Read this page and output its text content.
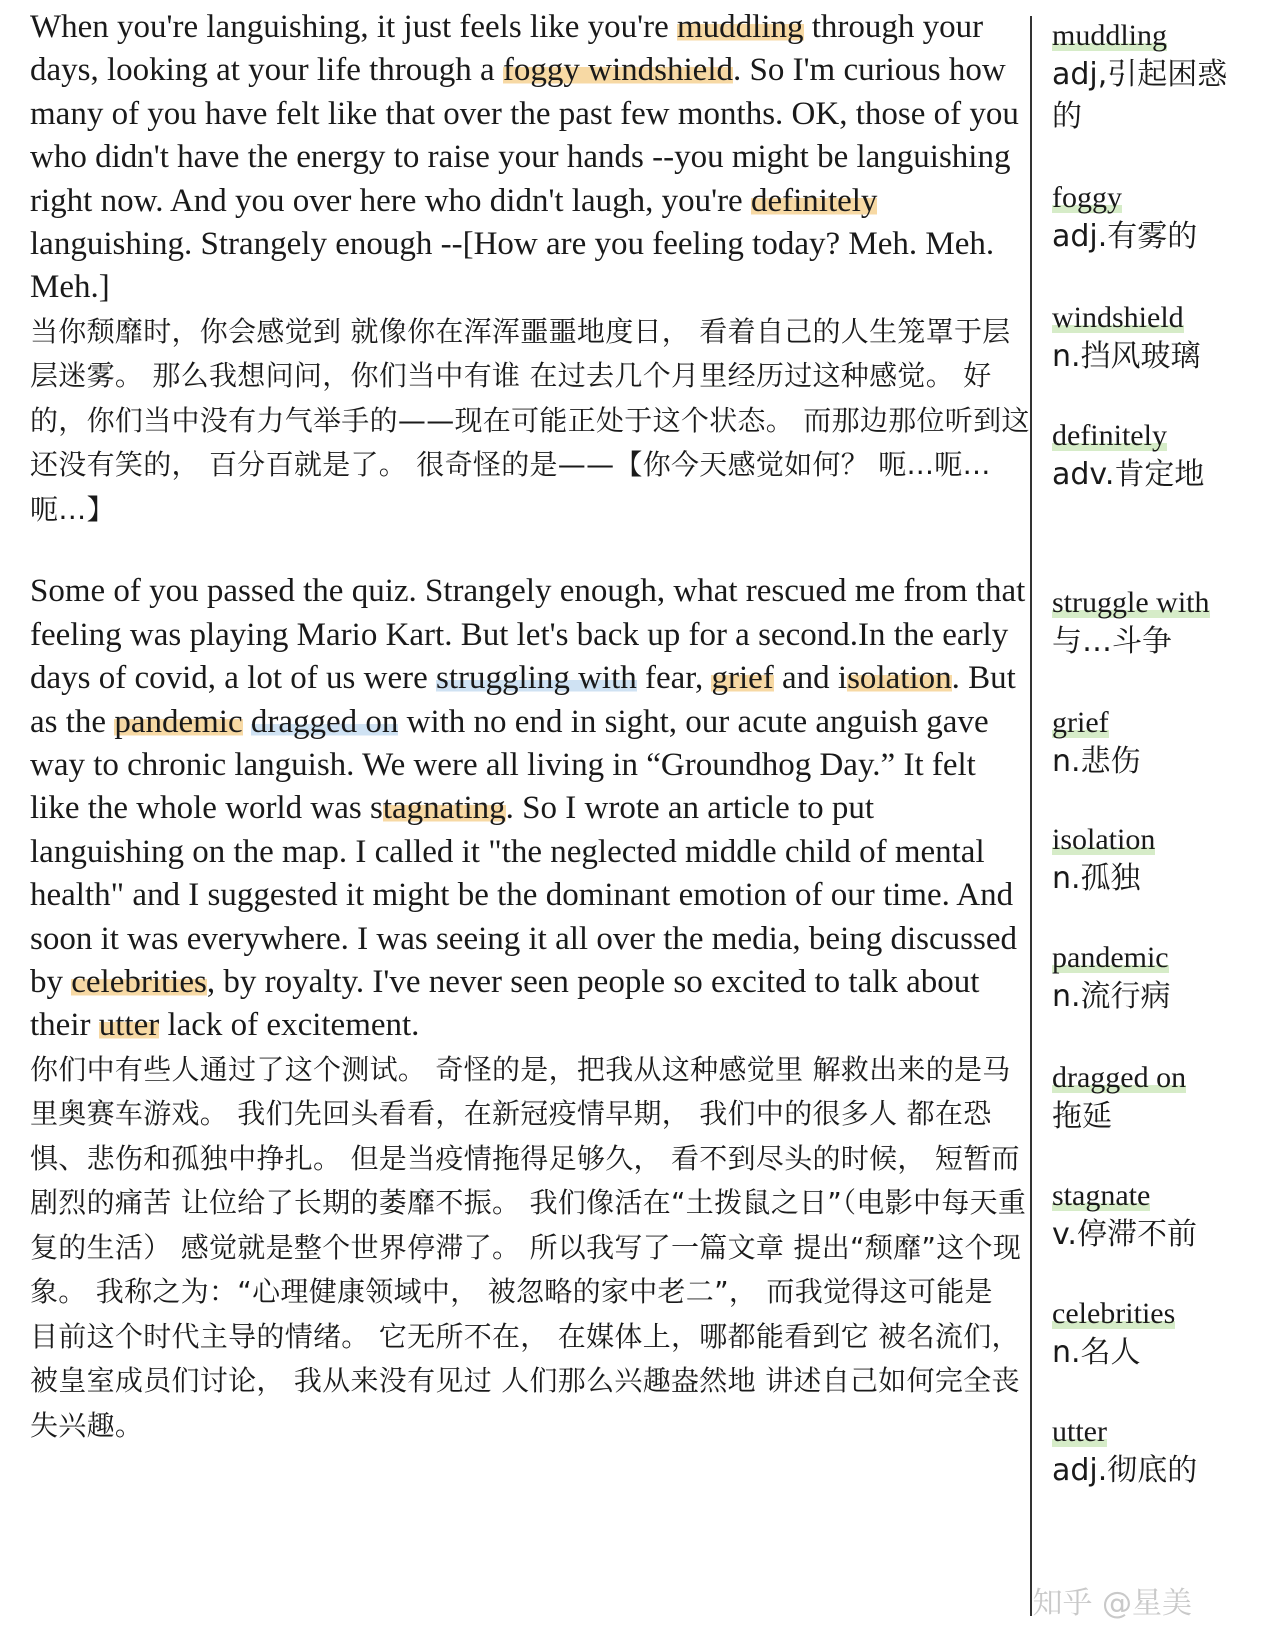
When you're languishing, it just feels like you're muddling through your days, looking at your life through a foggy windshield. So I'm curious how many of you have felt like that over the past few months. OK, those of you who didn't have the energy to raise your hands --you might be languishing right now. And you over here who didn't laugh, you're definitely languishing. Strangely enough --[How are you feeling today? Meh. Meh. Meh.]

当你颓靡时，你会感觉到 就像你在浑浑噩噩地度日， 看着自己的人生笼罩于层层迷雾。 那么我想问问，你们当中有谁 在过去几个月里经历过这种感觉。 好的，你们当中没有力气举手的——现在可能正处于这个状态。 而那边那位听到这还没有笑的， 百分百就是了。 很奇怪的是——【你今天感觉如何？ 呃...呃…呃…】

Some of you passed the quiz. Strangely enough, what rescued me from that feeling was playing Mario Kart. But let's back up for a second.In the early days of covid, a lot of us were struggling with fear, grief and isolation. But as the pandemic dragged on with no end in sight, our acute anguish gave way to chronic languish. We were all living in “Groundhog Day.” It felt like the whole world was stagnating. So I wrote an article to put languishing on the map. I called it "the neglected middle child of mental health" and I suggested it might be the dominant emotion of our time. And soon it was everywhere. I was seeing it all over the media, being discussed by celebrities, by royalty. I've never seen people so excited to talk about their utter lack of excitement.

你们中有些人通过了这个测试。 奇怪的是，把我从这种感觉里 解救出来的是马里奥赛车游戏。 我们先回头看看，在新冠疫情早期， 我们中的很多人 都在恐惧、悲伤和孤独中挣扎。 但是当疫情拖得足够久， 看不到尽头的时候， 短暂而剧烈的痛苦 让位给了长期的萎靡不振。 我们像活在“土拨鼠之日”（电影中每天重复的生活） 感觉就是整个世界停滞了。 所以我写了一篇文章 提出“颓靡”这个现象。 我称之为：“心理健康领域中， 被忽略的家中老二”， 而我觉得这可能是 目前这个时代主导的情绪。 它无所不在， 在媒体上，哪都能看到它 被名流们，被皇室成员们讨论， 我从来没有见过 人们那么兴趣盎然地 讲述自己如何完全丧失兴趣。

muddling

adj,引起困惑的
foggy

adj.有雾的
windshield

n.挡风玻璃
definitely

adv.肯定地
struggle with

与…斗争
grief

n.悲伤
isolation

n.孤独
pandemic

n.流行病
dragged on

拖延
stagnate

v.停滞不前
celebrities

n.名人
utter

adj.彻底的
知乎 @星美
